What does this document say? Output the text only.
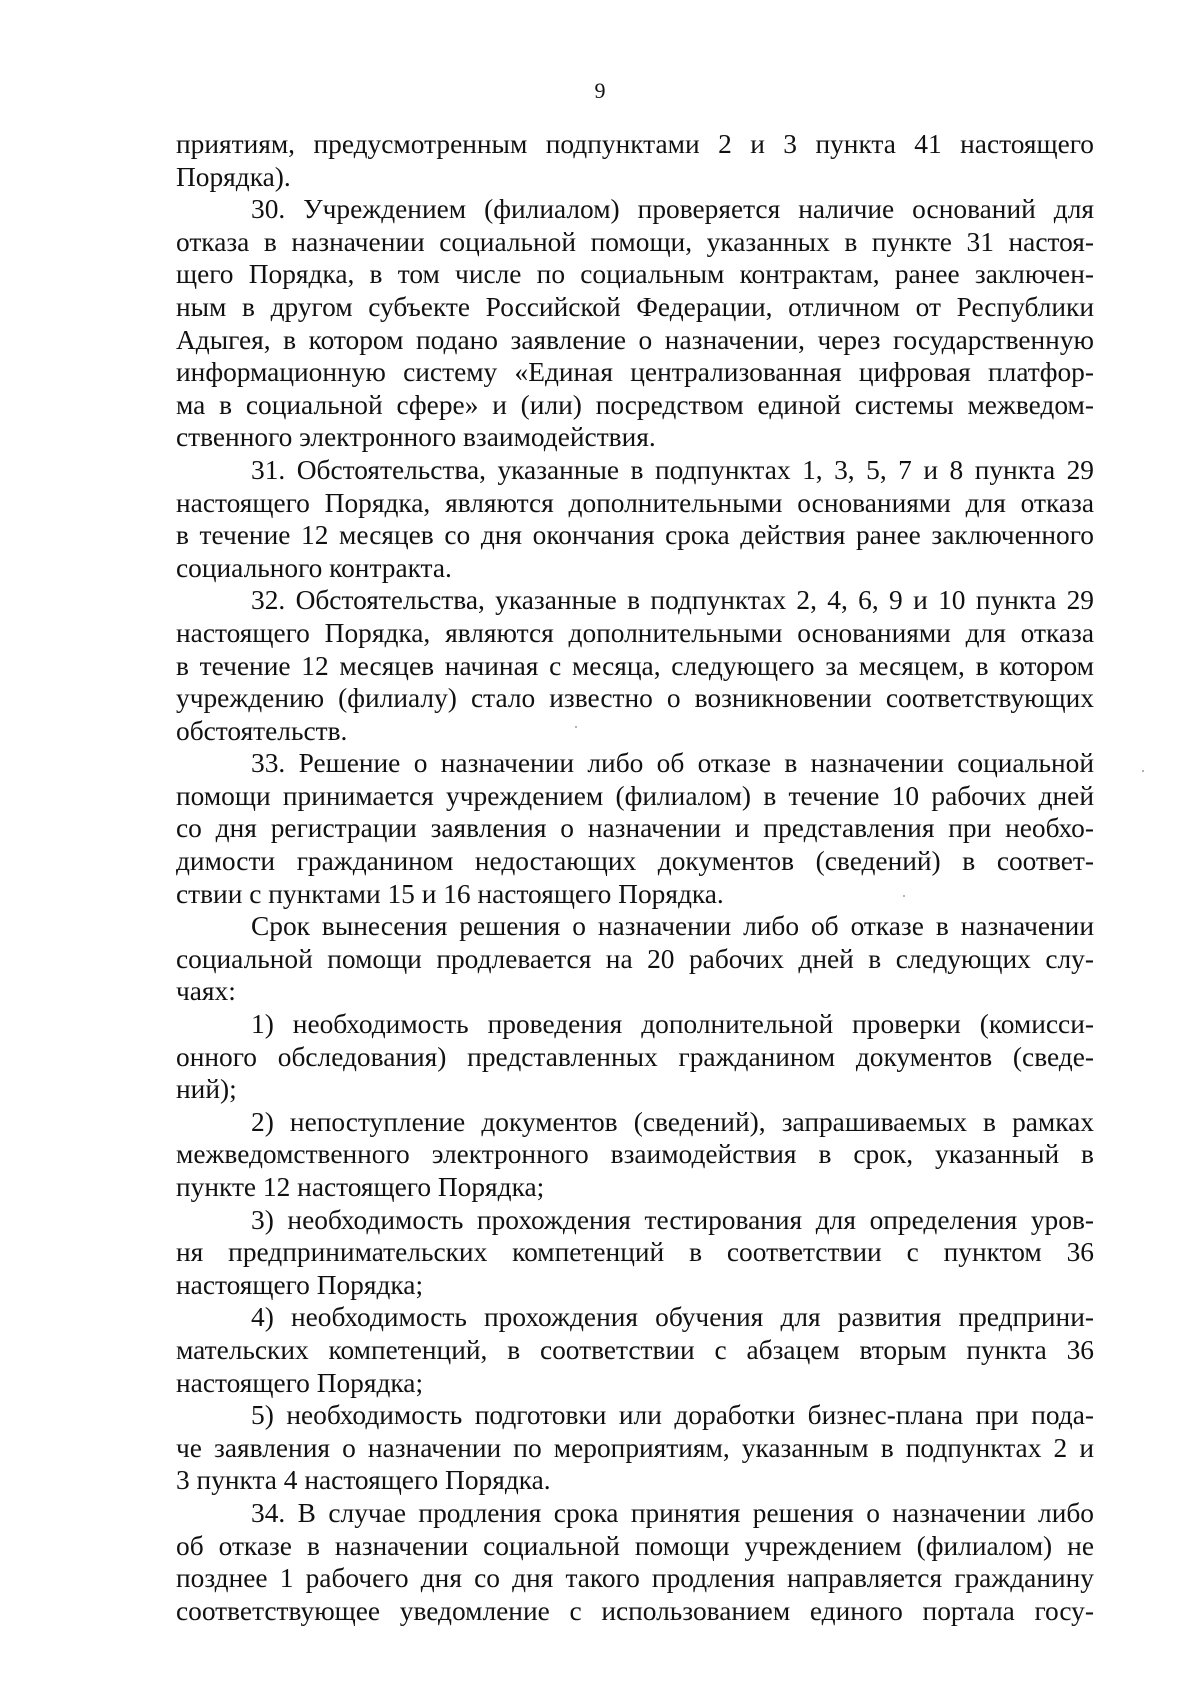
9
приятиям, предусмотренным подпунктами 2 и 3 пункта 41 настоящего
Порядка).
30. Учреждением (филиалом) проверяется наличие оснований для
отказа в назначении социальной помощи, указанных в пункте 31 настоя-
щего Порядка, в том числе по социальным контрактам, ранее заключен-
ным в другом субъекте Российской Федерации, отличном от Республики
Адыгея, в котором подано заявление о назначении, через государственную
информационную систему «Единая централизованная цифровая платфор-
ма в социальной сфере» и (или) посредством единой системы межведом-
ственного электронного взаимодействия.
31. Обстоятельства, указанные в подпунктах 1, 3, 5, 7 и 8 пункта 29
настоящего Порядка, являются дополнительными основаниями для отказа
в течение 12 месяцев со дня окончания срока действия ранее заключенного
социального контракта.
32. Обстоятельства, указанные в подпунктах 2, 4, 6, 9 и 10 пункта 29
настоящего Порядка, являются дополнительными основаниями для отказа
в течение 12 месяцев начиная с месяца, следующего за месяцем, в котором
учреждению (филиалу) стало известно о возникновении соответствующих
обстоятельств.
33. Решение о назначении либо об отказе в назначении социальной
помощи принимается учреждением (филиалом) в течение 10 рабочих дней
со дня регистрации заявления о назначении и представления при необхо-
димости гражданином недостающих документов (сведений) в соответ-
ствии с пунктами 15 и 16 настоящего Порядка.
Срок вынесения решения о назначении либо об отказе в назначении
социальной помощи продлевается на 20 рабочих дней в следующих слу-
чаях:
1) необходимость проведения дополнительной проверки (комисси-
онного обследования) представленных гражданином документов (сведе-
ний);
2) непоступление документов (сведений), запрашиваемых в рамках
межведомственного электронного взаимодействия в срок, указанный в
пункте 12 настоящего Порядка;
3) необходимость прохождения тестирования для определения уров-
ня предпринимательских компетенций в соответствии с пунктом 36
настоящего Порядка;
4) необходимость прохождения обучения для развития предприни-
мательских компетенций, в соответствии с абзацем вторым пункта 36
настоящего Порядка;
5) необходимость подготовки или доработки бизнес-плана при пода-
че заявления о назначении по мероприятиям, указанным в подпунктах 2 и
3 пункта 4 настоящего Порядка.
34. В случае продления срока принятия решения о назначении либо
об отказе в назначении социальной помощи учреждением (филиалом) не
позднее 1 рабочего дня со дня такого продления направляется гражданину
соответствующее уведомление с использованием единого портала госу-
